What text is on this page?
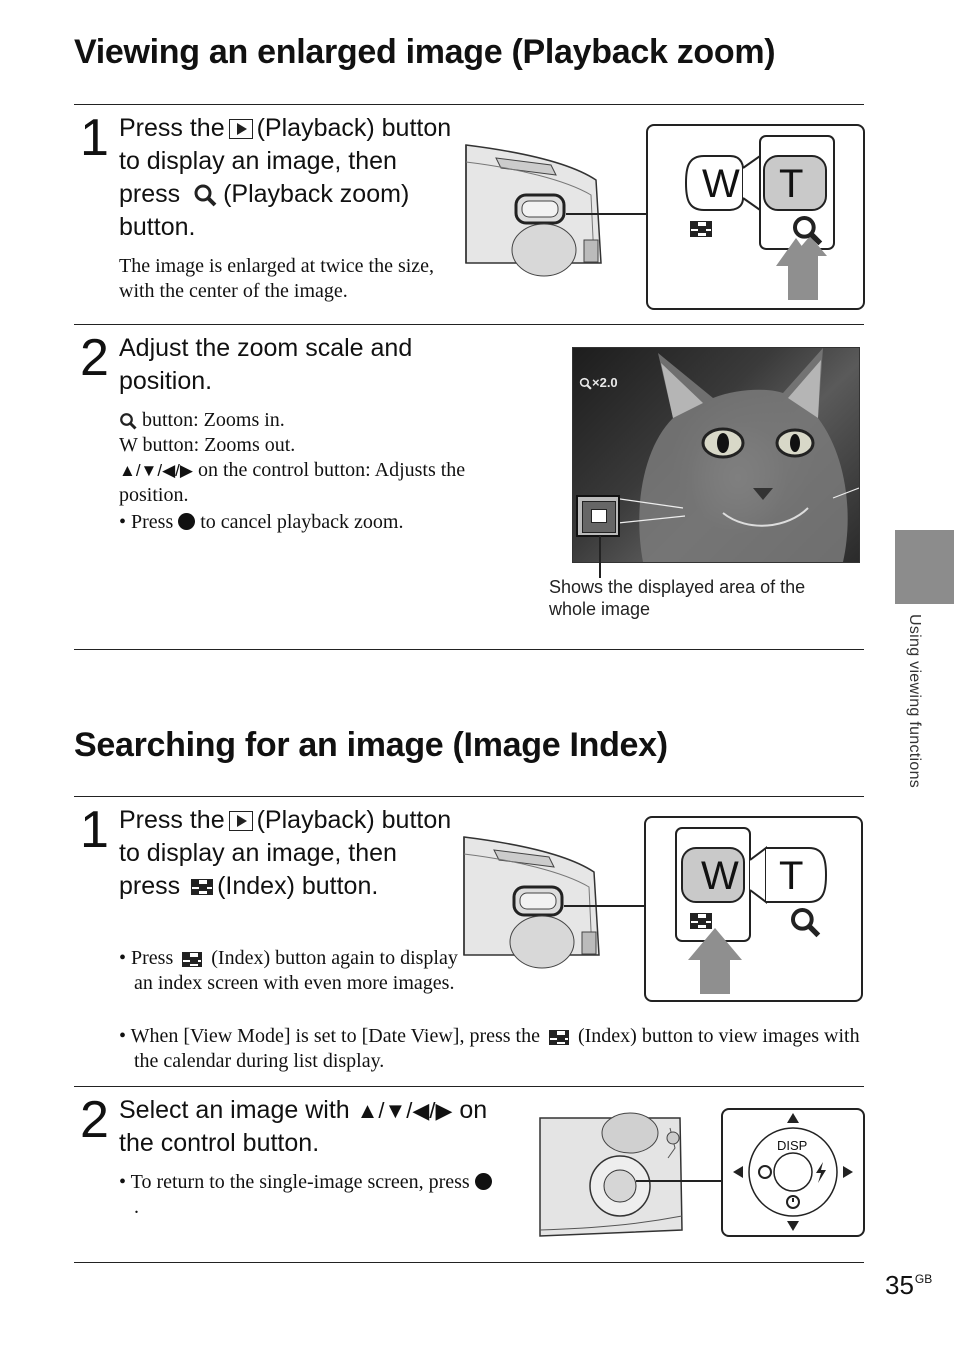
Viewing an enlarged image (Playback zoom)
1 Press the (Playback) button to display an image, then press (Playback zoom) button.
The image is enlarged at twice the size, with the center of the image.
W T
2 Adjust the zoom scale and position.
button: Zooms in.
W button: Zooms out.
▲/▼/◀/▶ on the control button: Adjusts the position.
• Press to cancel playback zoom.
×2.0
Shows the displayed area of the whole image
Searching for an image (Image Index)
1 Press the (Playback) button to display an image, then press (Index) button.
• Press (Index) button again to display an index screen with even more images.
• When [View Mode] is set to [Date View], press the (Index) button to view images with the calendar during list display.
W T
2 Select an image with ▲/▼/◀/▶ on the control button.
• To return to the single-image screen, press .
DISP
Using viewing functions
$35^{GB}$
